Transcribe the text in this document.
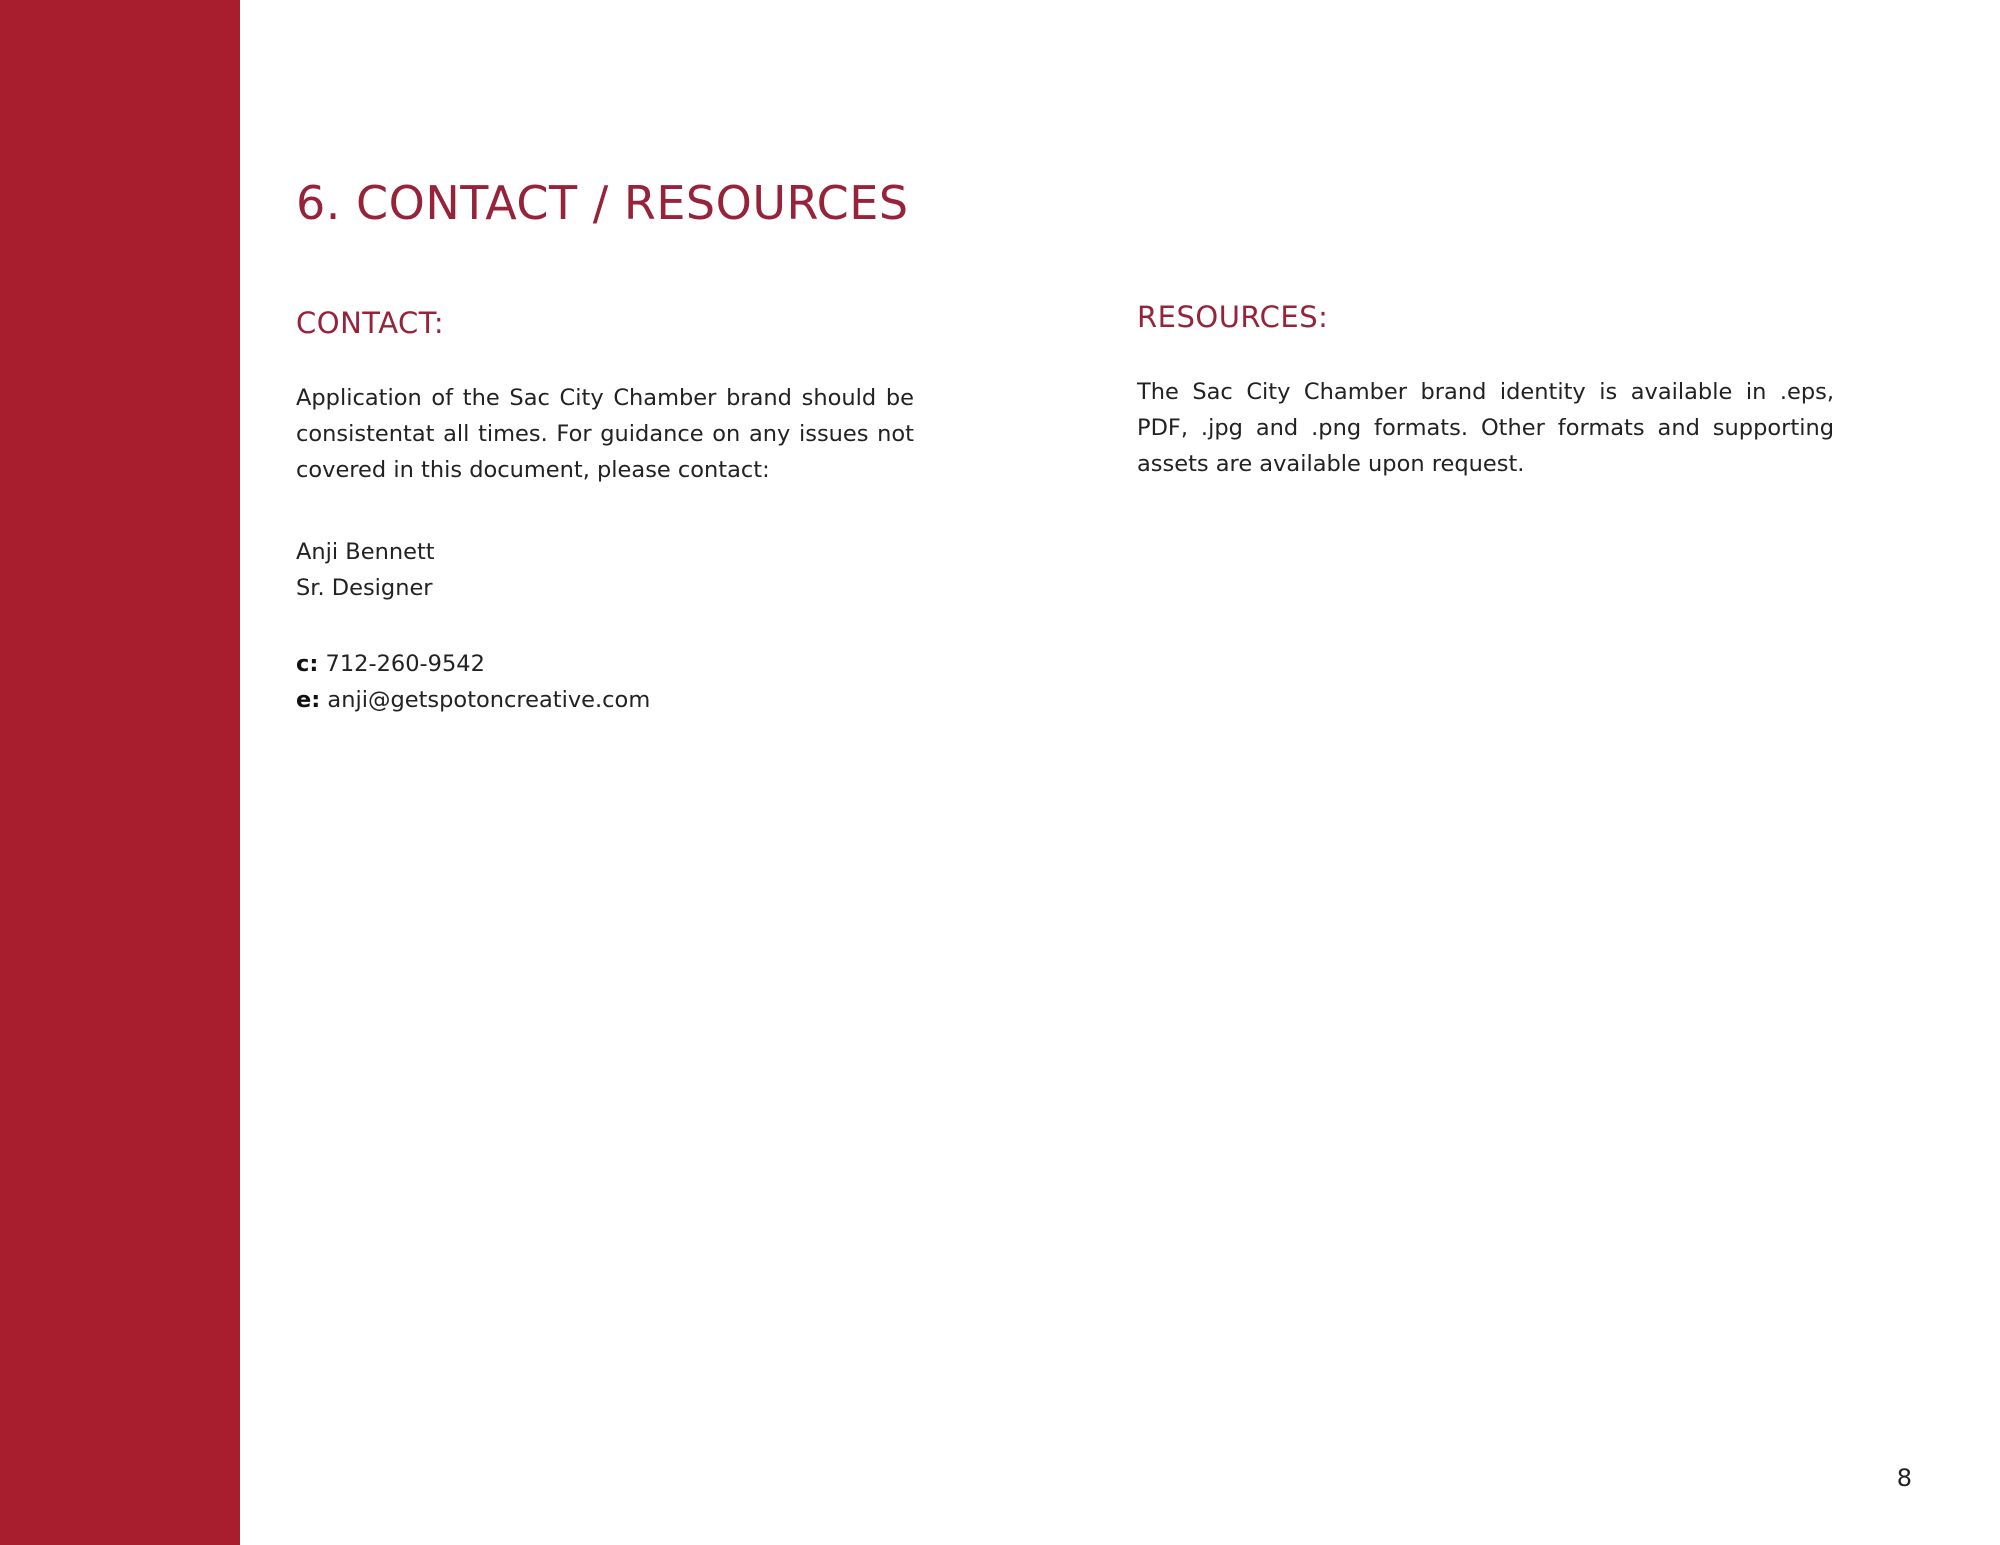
6. CONTACT / RESOURCES
CONTACT:

Application of the Sac City Chamber brand should be consistentat all times. For guidance on any issues not covered in this document, please contact:

Anji Bennett
Sr. Designer
c: 712-260-9542
e: anji@getspotoncreative.com
RESOURCES:

The Sac City Chamber brand identity is available in .eps, PDF, .jpg and .png formats. Other formats and supporting assets are available upon request.

8
